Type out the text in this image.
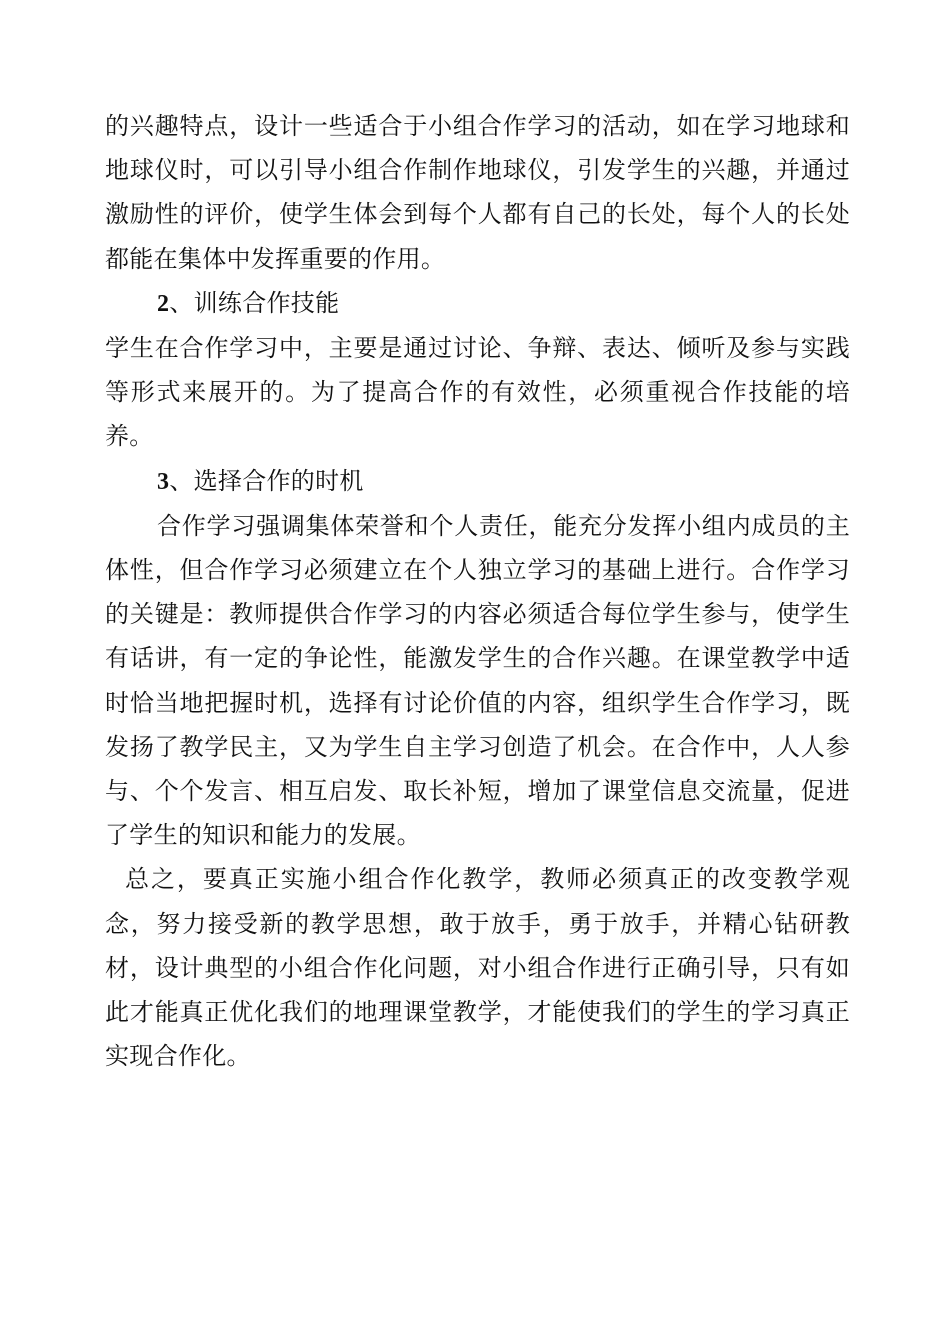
的兴趣特点，设计一些适合于小组合作学习的活动，如在学习地球和地球仪时，可以引导小组合作制作地球仪，引发学生的兴趣，并通过激励性的评价，使学生体会到每个人都有自己的长处，每个人的长处都能在集体中发挥重要的作用。

2、训练合作技能

学生在合作学习中，主要是通过讨论、争辩、表达、倾听及参与实践等形式来展开的。为了提高合作的有效性，必须重视合作技能的培养。

3、选择合作的时机

合作学习强调集体荣誉和个人责任，能充分发挥小组内成员的主体性，但合作学习必须建立在个人独立学习的基础上进行。合作学习的关键是：教师提供合作学习的内容必须适合每位学生参与，使学生有话讲，有一定的争论性，能激发学生的合作兴趣。在课堂教学中适时恰当地把握时机，选择有讨论价值的内容，组织学生合作学习，既发扬了教学民主，又为学生自主学习创造了机会。在合作中，人人参与、个个发言、相互启发、取长补短，增加了课堂信息交流量，促进了学生的知识和能力的发展。

总之，要真正实施小组合作化教学，教师必须真正的改变教学观念，努力接受新的教学思想，敢于放手，勇于放手，并精心钻研教材，设计典型的小组合作化问题，对小组合作进行正确引导，只有如此才能真正优化我们的地理课堂教学，才能使我们的学生的学习真正实现合作化。
